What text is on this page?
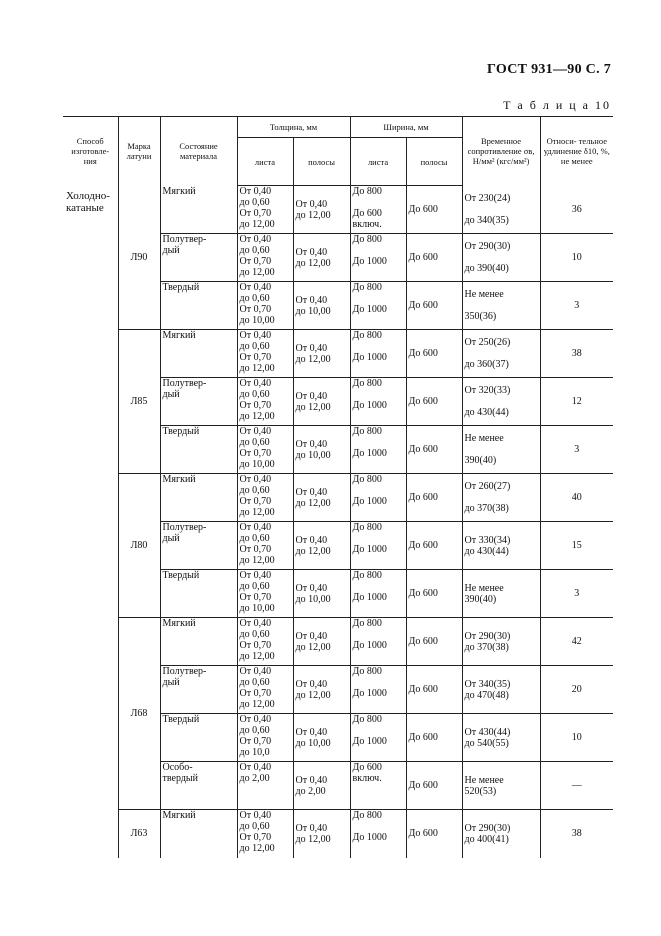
ГОСТ 931—90 С. 7
Т а б л и ц а 10
Способ изготовле- ния	Марка латуни	Состояние материала	Толщина, мм		Ширина, мм		Временное сопротивление σв, Н/мм² (кгс/мм²)	Относи- тельное удлинение δ10, %, не менее
			листа	полосы	листа	полосы		
Холодно- катаные	Л90	Мягкий	От 0,40
до 0,60
От 0,70
до 12,00	От 0,40
до 12,00	До 800

До 600
включ.	До 600	От 230(24)

до 340(35)	36
		Полутвер-
дый	От 0,40
до 0,60
От 0,70
до 12,00	От 0,40
до 12,00	До 800

До 1000	До 600	От 290(30)

до 390(40)	10
		Твердый	От 0,40
до 0,60
От 0,70
до 10,00	От 0,40
до 10,00	До 800

До 1000	До 600	Не менее

350(36)	3
	Л85	Мягкий	От 0,40
до 0,60
От 0,70
до 12,00	От 0,40
до 12,00	До 800

До 1000	До 600	От 250(26)

до 360(37)	38
		Полутвер-
дый	От 0,40
до 0,60
От 0,70
до 12,00	От 0,40
до 12,00	До 800

До 1000	До 600	От 320(33)

до 430(44)	12
		Твердый	От 0,40
до 0,60
От 0,70
до 10,00	От 0,40
до 10,00	До 800

До 1000	До 600	Не менее

390(40)	3
	Л80	Мягкий	От 0,40
до 0,60
От 0,70
до 12,00	От 0,40
до 12,00	До 800

До 1000	До 600	От 260(27)

до 370(38)	40
		Полутвер-
дый	От 0,40
до 0,60
От 0,70
до 12,00	От 0,40
до 12,00	До 800

До 1000	До 600	От 330(34)
до 430(44)	15
		Твердый	От 0,40
до 0,60
От 0,70
до 10,00	От 0,40
до 10,00	До 800

До 1000	До 600	Не менее
390(40)	3
	Л68	Мягкий	От 0,40
до 0,60
От 0,70
до 12,00	От 0,40
до 12,00	До 800

До 1000	До 600	От 290(30)
до 370(38)	42
		Полутвер-
дый	От 0,40
до 0,60
От 0,70
до 12,00	От 0,40
до 12,00	До 800

До 1000	До 600	От 340(35)
до 470(48)	20
		Твердый	От 0,40
до 0,60
От 0,70
до 10,0	От 0,40
до 10,00	До 800

До 1000	До 600	От 430(44)
до 540(55)	10
		Особо-
твердый	От 0,40
до 2,00	От 0,40
до 2,00	До 600
включ.	До 600	Не менее
520(53)	—
	Л63	Мягкий	От 0,40
до 0,60
От 0,70
до 12,00	От 0,40
до 12,00	До 800

До 1000	До 600	От 290(30)
до 400(41)	38
